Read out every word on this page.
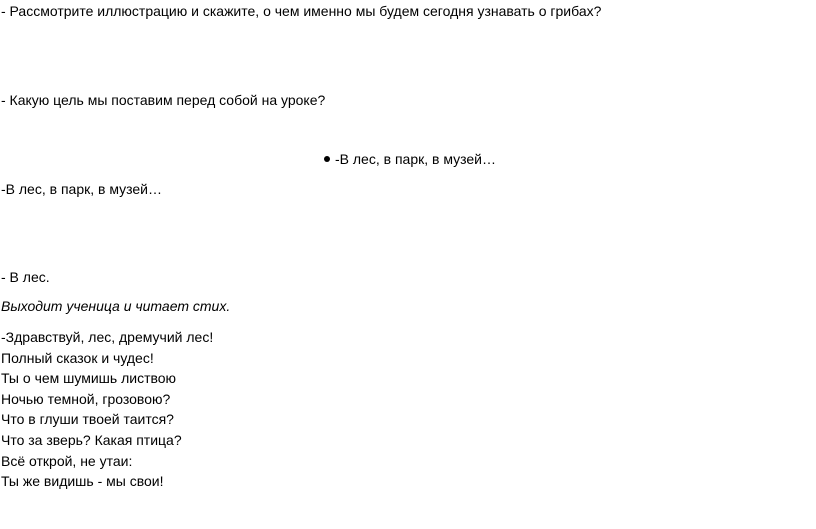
- Рассмотрите иллюстрацию и скажите, о чем именно мы будем сегодня узнавать о грибах?
- Какую цель мы поставим перед собой на уроке?
-В лес, в парк, в музей…
-В лес, в парк, в музей…
- В лес.
Выходит ученица и читает стих.
-Здравствуй, лес, дремучий лес!
Полный сказок и чудес!
Ты о чем шумишь листвою
Ночью темной, грозовою?
Что в глуши твоей таится?
Что за зверь? Какая птица?
Всё открой, не утаи:
Ты же видишь - мы свои!
